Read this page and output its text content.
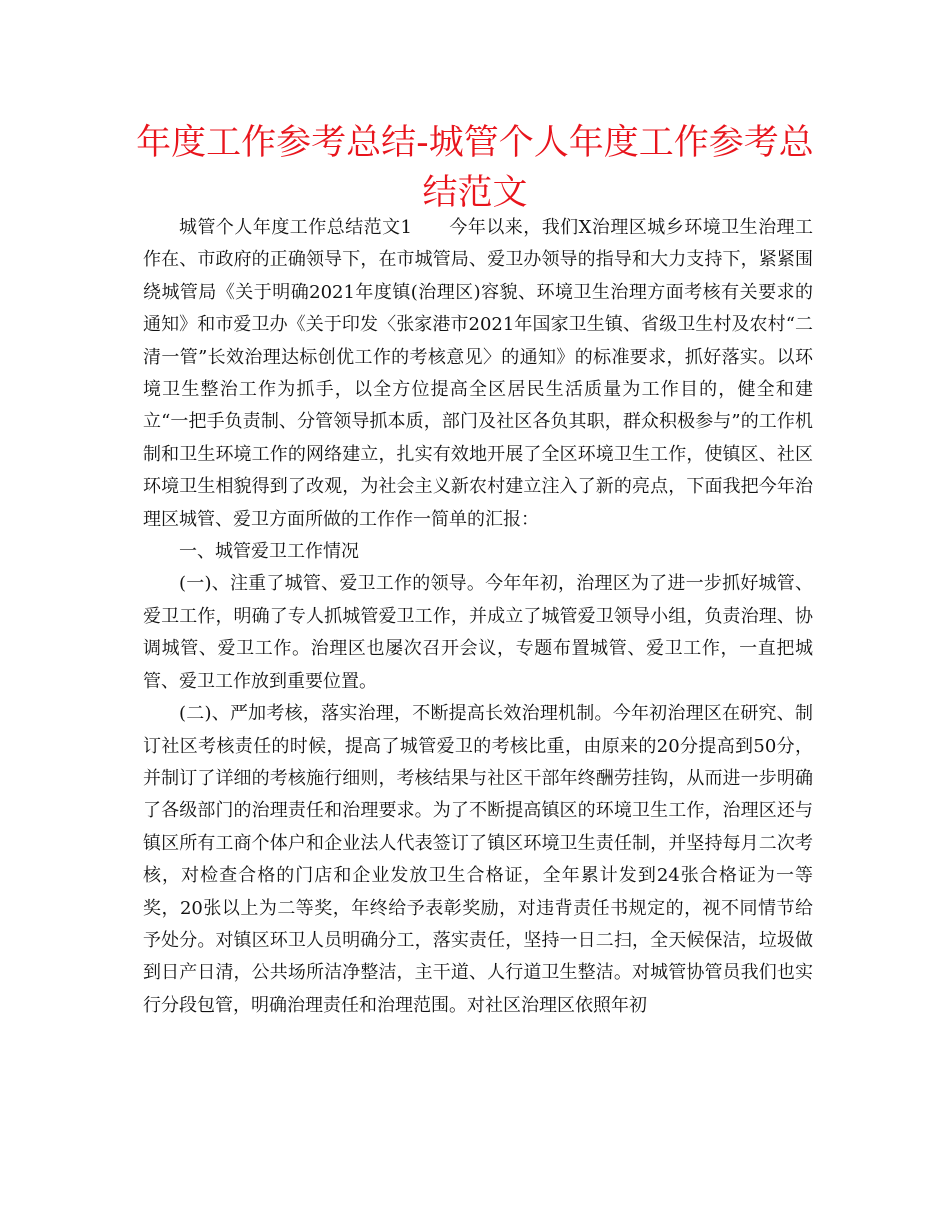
年度工作参考总结-城管个人年度工作参考总结范文

城管个人年度工作总结范文1　　今年以来，我们X治理区城乡环境卫生治理工作在、市政府的正确领导下，在市城管局、爱卫办领导的指导和大力支持下，紧紧围绕城管局《关于明确2021年度镇(治理区)容貌、环境卫生治理方面考核有关要求的通知》和市爱卫办《关于印发〈张家港市2021年国家卫生镇、省级卫生村及农村“二清一管”长效治理达标创优工作的考核意见〉的通知》的标准要求，抓好落实。以环境卫生整治工作为抓手，以全方位提高全区居民生活质量为工作目的，健全和建立“一把手负责制、分管领导抓本质，部门及社区各负其职，群众积极参与”的工作机制和卫生环境工作的网络建立，扎实有效地开展了全区环境卫生工作，使镇区、社区环境卫生相貌得到了改观，为社会主义新农村建立注入了新的亮点，下面我把今年治理区城管、爱卫方面所做的工作作一简单的汇报：

一、城管爱卫工作情况

(一)、注重了城管、爱卫工作的领导。今年年初，治理区为了进一步抓好城管、爱卫工作，明确了专人抓城管爱卫工作，并成立了城管爱卫领导小组，负责治理、协调城管、爱卫工作。治理区也屡次召开会议，专题布置城管、爱卫工作，一直把城管、爱卫工作放到重要位置。

(二)、严加考核，落实治理，不断提高长效治理机制。今年初治理区在研究、制订社区考核责任的时候，提高了城管爱卫的考核比重，由原来的20分提高到50分，并制订了详细的考核施行细则，考核结果与社区干部年终酬劳挂钩，从而进一步明确了各级部门的治理责任和治理要求。为了不断提高镇区的环境卫生工作，治理区还与镇区所有工商个体户和企业法人代表签订了镇区环境卫生责任制，并坚持每月二次考核，对检查合格的门店和企业发放卫生合格证，全年累计发到24张合格证为一等奖，20张以上为二等奖，年终给予表彰奖励，对违背责任书规定的，视不同情节给予处分。对镇区环卫人员明确分工，落实责任，坚持一日二扫，全天候保洁，垃圾做到日产日清，公共场所洁净整洁，主干道、人行道卫生整洁。对城管协管员我们也实行分段包管，明确治理责任和治理范围。对社区治理区依照年初
